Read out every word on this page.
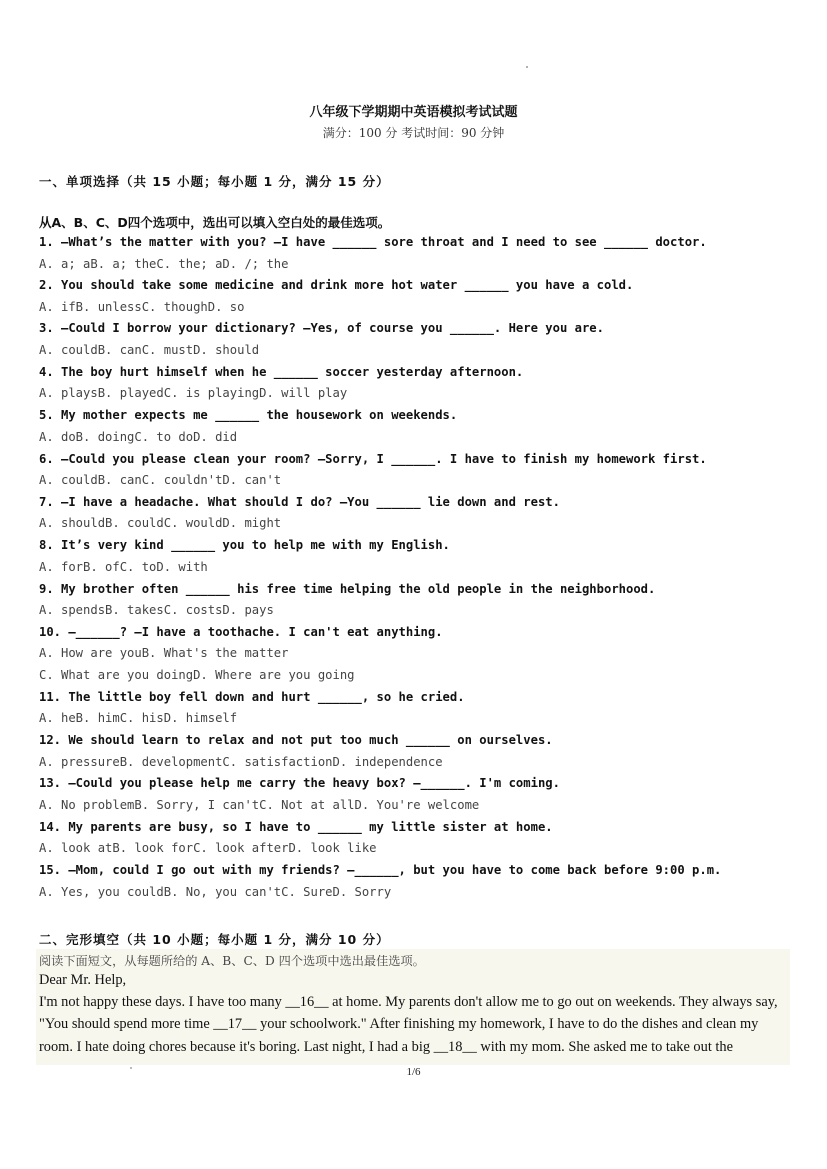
八年级下学期期中英语模拟考试试题
满分：100 分 考试时间：90 分钟
一、单项选择（共 15 小题；每小题 1 分，满分 15 分）
从A、B、C、D四个选项中，选出可以填入空白处的最佳选项。
1. —What’s the matter with you? —I have ______ sore throat and I need to see ______ doctor.
A. a; aB. a; theC. the; aD. /; the
2. You should take some medicine and drink more hot water ______ you have a cold.
A. ifB. unlessC. thoughD. so
3. —Could I borrow your dictionary? —Yes, of course you ______. Here you are.
A. couldB. canC. mustD. should
4. The boy hurt himself when he ______ soccer yesterday afternoon.
A. playsB. playedC. is playingD. will play
5. My mother expects me ______ the housework on weekends.
A. doB. doingC. to doD. did
6. —Could you please clean your room? —Sorry, I ______. I have to finish my homework first.
A. couldB. canC. couldn'tD. can't
7. —I have a headache. What should I do? —You ______ lie down and rest.
A. shouldB. couldC. wouldD. might
8. It’s very kind ______ you to help me with my English.
A. forB. ofC. toD. with
9. My brother often ______ his free time helping the old people in the neighborhood.
A. spendsB. takesC. costsD. pays
10. —______? —I have a toothache. I can't eat anything.
A. How are youB. What's the matter
C. What are you doingD. Where are you going
11. The little boy fell down and hurt ______, so he cried.
A. heB. himC. hisD. himself
12. We should learn to relax and not put too much ______ on ourselves.
A. pressureB. developmentC. satisfactionD. independence
13. —Could you please help me carry the heavy box? —______. I'm coming.
A. No problemB. Sorry, I can'tC. Not at allD. You're welcome
14. My parents are busy, so I have to ______ my little sister at home.
A. look atB. look forC. look afterD. look like
15. —Mom, could I go out with my friends? —______, but you have to come back before 9:00 p.m.
A. Yes, you couldB. No, you can'tC. SureD. Sorry
二、完形填空（共 10 小题；每小题 1 分，满分 10 分）
阅读下面短文，从每题所给的 A、B、C、D 四个选项中选出最佳选项。
Dear Mr. Help,
I'm not happy these days. I have too many __16__ at home. My parents don't allow me to go out on weekends. They always say,
"You should spend more time __17__ your schoolwork." After finishing my homework, I have to do the dishes and clean my
room. I hate doing chores because it's boring. Last night, I had a big __18__ with my mom. She asked me to take out the
1/6
